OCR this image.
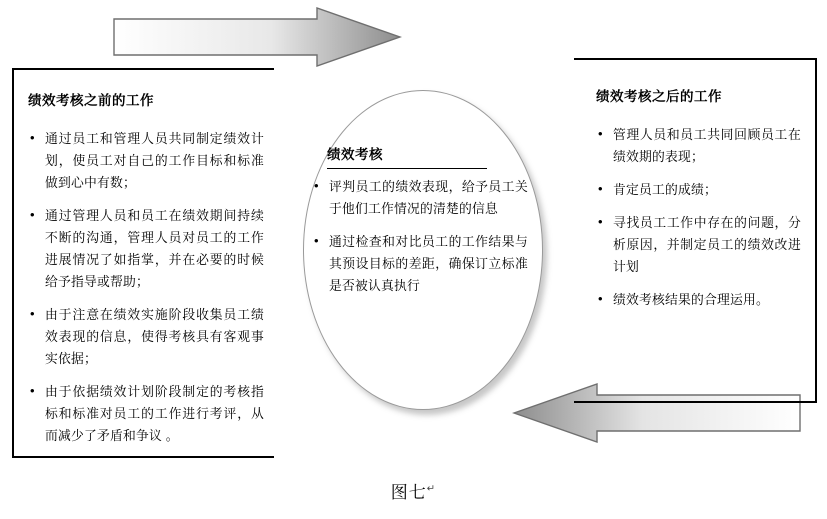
绩效考核之前的工作
• 通过员工和管理人员共同制定绩效计划，使员工对自己的工作目标和标准做到心中有数；
• 通过管理人员和员工在绩效期间持续不断的沟通，管理人员对员工的工作进展情况了如指掌，并在必要的时候给予指导或帮助；
• 由于注意在绩效实施阶段收集员工绩效表现的信息，使得考核具有客观事实依据；
• 由于依据绩效计划阶段制定的考核指标和标准对员工的工作进行考评，从而减少了矛盾和争议 。
绩效考核
• 评判员工的绩效表现，给予员工关于他们工作情况的清楚的信息
• 通过检查和对比员工的工作结果与其预设目标的差距，确保订立标准是否被认真执行
绩效考核之后的工作
• 管理人员和员工共同回顾员工在绩效期的表现；
• 肯定员工的成绩；
• 寻找员工工作中存在的问题，分析原因，并制定员工的绩效改进计划
• 绩效考核结果的合理运用。
图七↵
